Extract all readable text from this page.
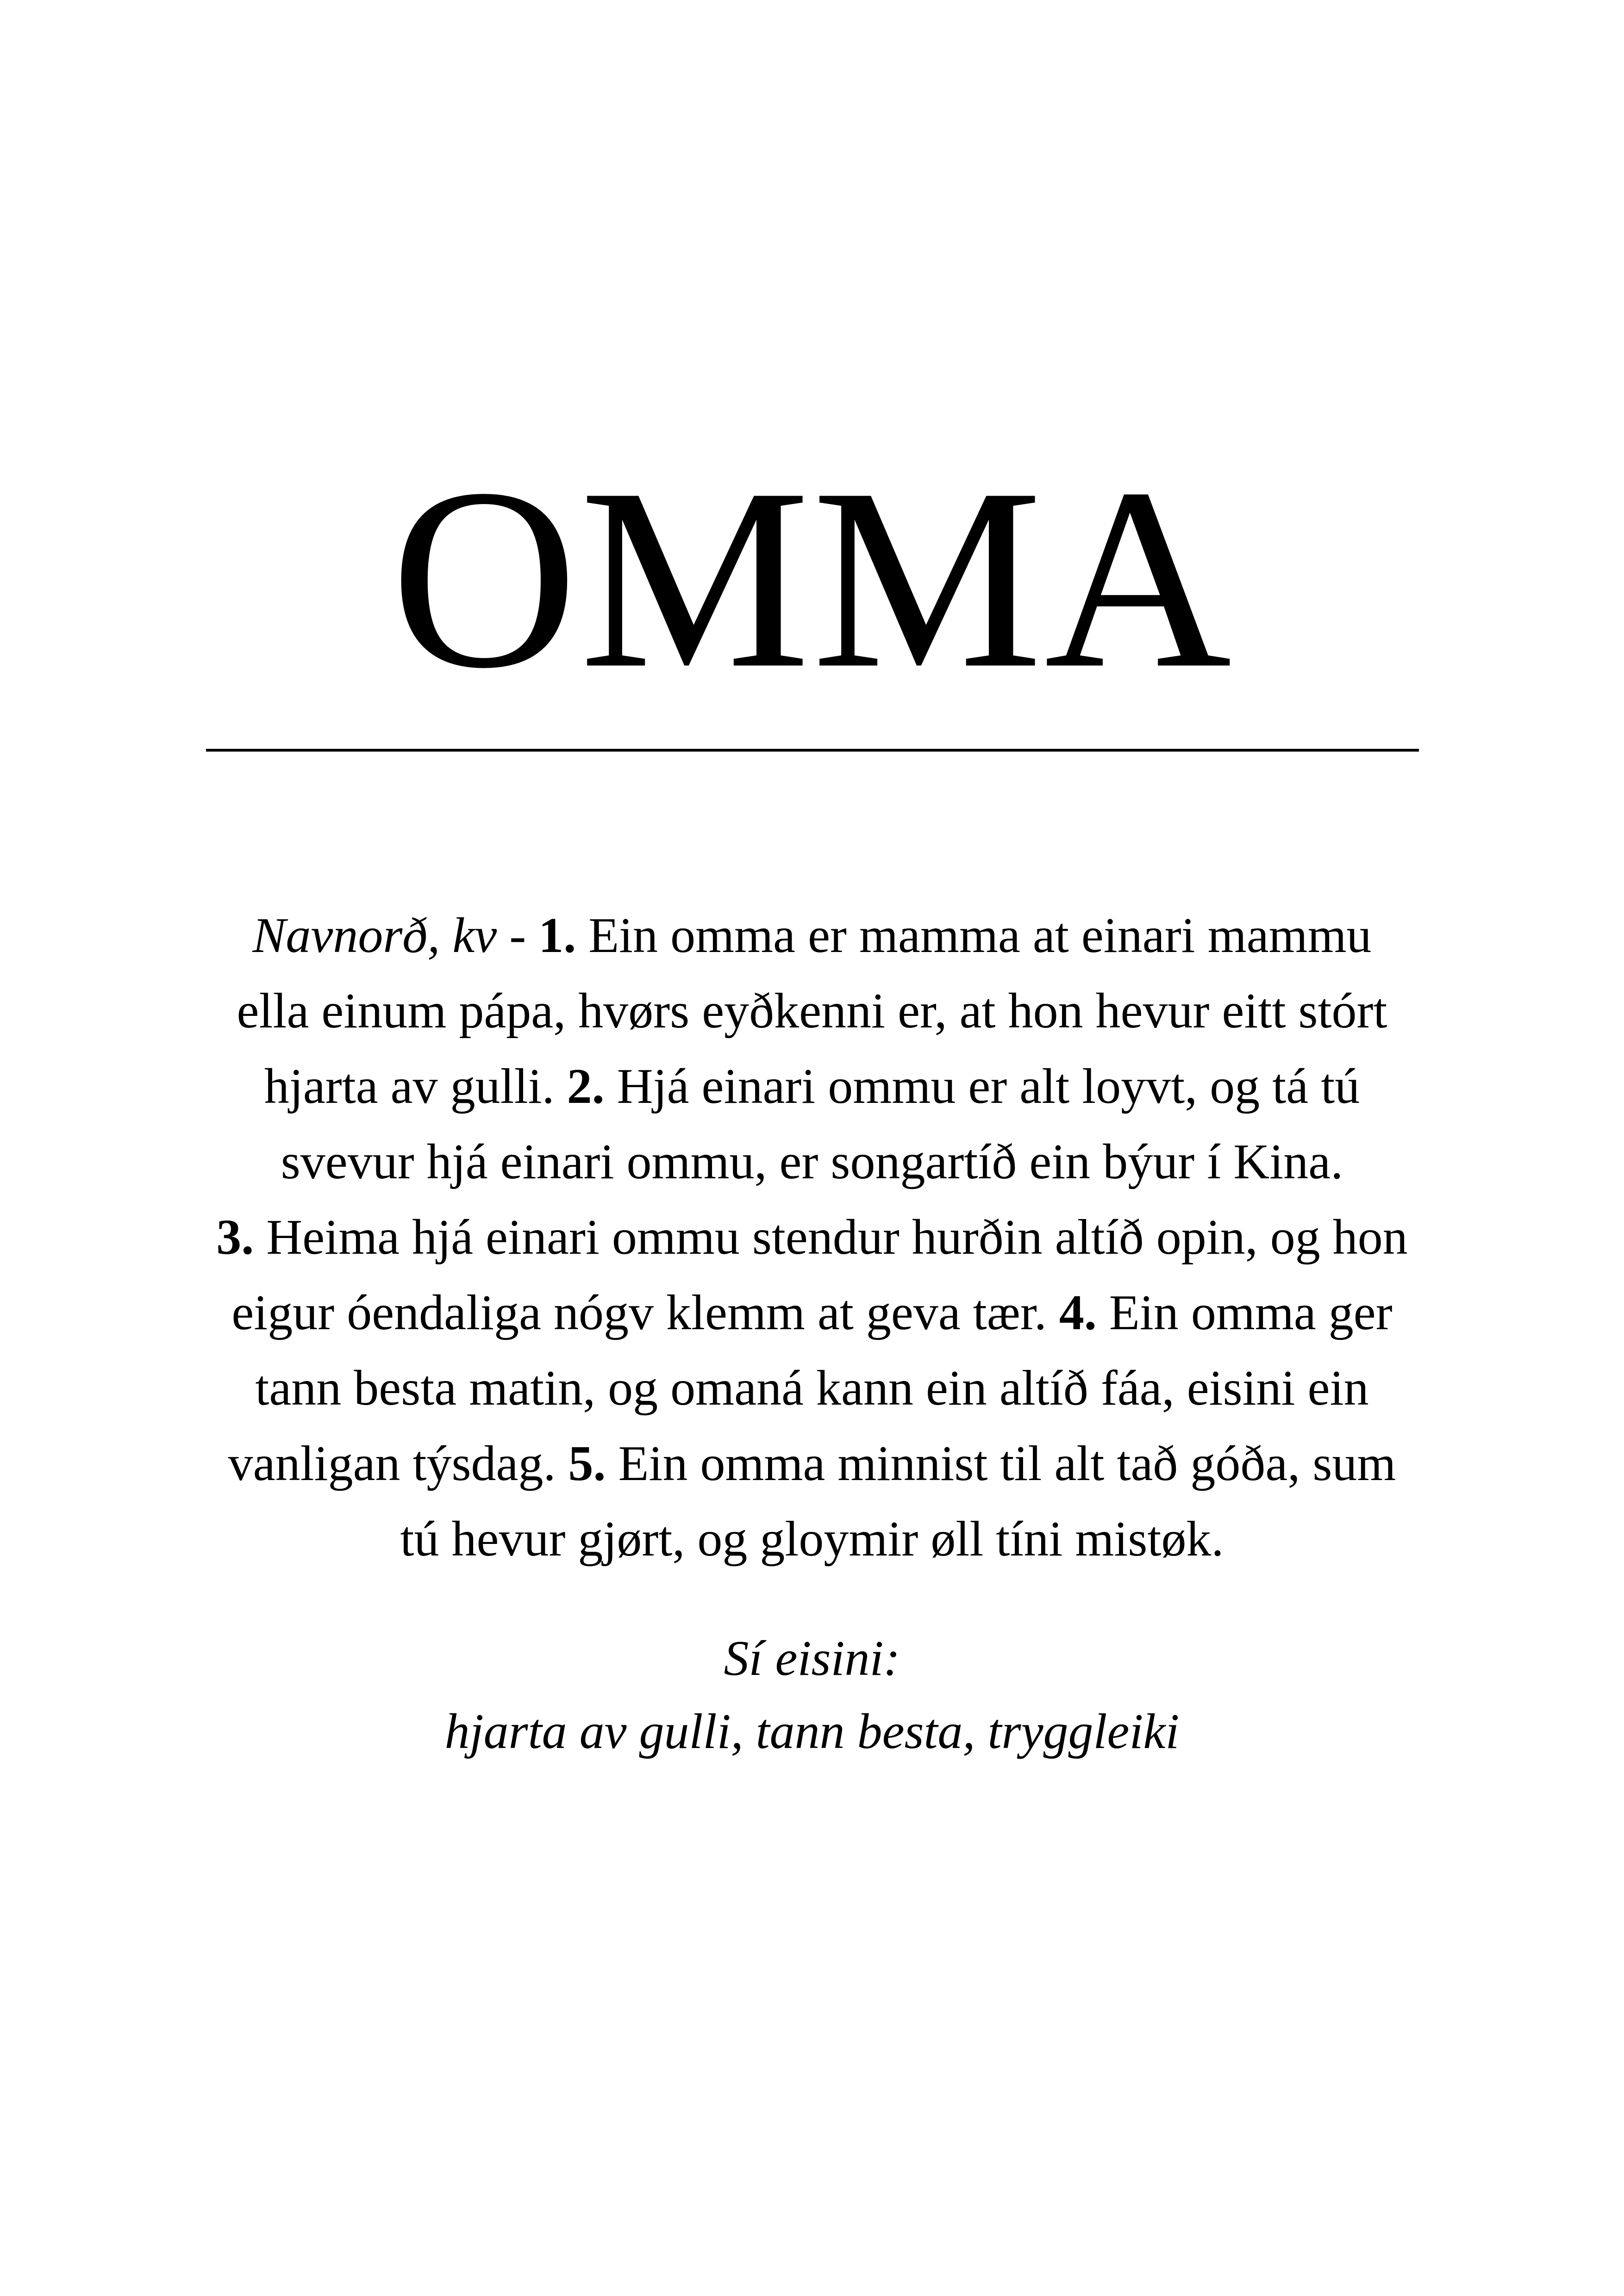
OMMA
Navnorð, kv - 1. Ein omma er mamma at einari mammu
ella einum pápa, hvørs eyðkenni er, at hon hevur eitt stórt
hjarta av gulli. 2. Hjá einari ommu er alt loyvt, og tá tú
svevur hjá einari ommu, er songartíð ein býur í Kina.
3. Heima hjá einari ommu stendur hurðin altíð opin, og hon
eigur óendaliga nógv klemm at geva tær. 4. Ein omma ger
tann besta matin, og omaná kann ein altíð fáa, eisini ein
vanligan týsdag. 5. Ein omma minnist til alt tað góða, sum
tú hevur gjørt, og gloymir øll tíni mistøk.
Sí eisini:
hjarta av gulli, tann besta, tryggleiki
